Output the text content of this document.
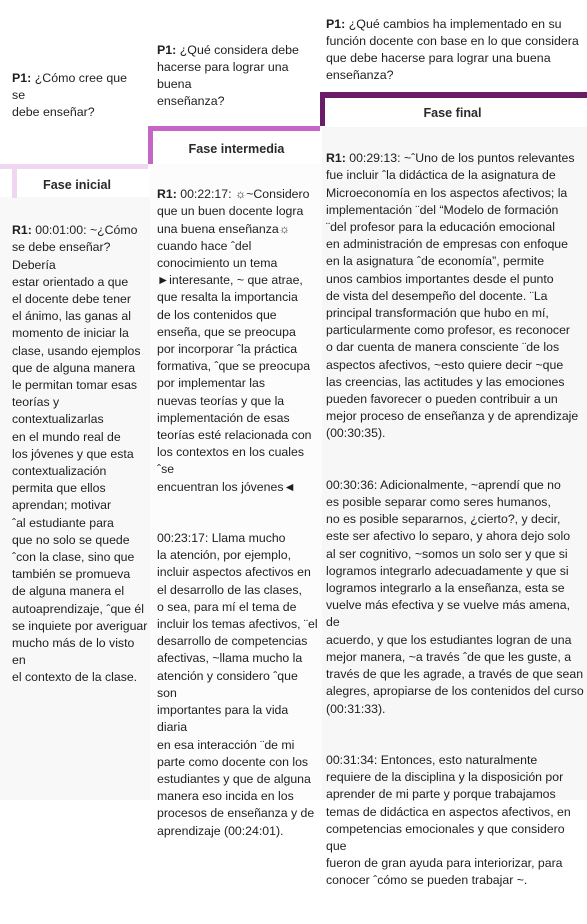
P1: ¿Cómo cree que se
debe enseñar?
P1: ¿Qué considera debe
hacerse para lograr una buena
enseñanza?
P1: ¿Qué cambios ha implementado en su
función docente con base en lo que considera
que debe hacerse para lograr una buena
enseñanza?
Fase inicial
Fase intermedia
Fase final

R1: 00:01:00: ~¿Cómo
se debe enseñar? Debería
estar orientado a que
el docente debe tener
el ánimo, las ganas al
momento de iniciar la
clase, usando ejemplos
que de alguna manera
le permitan tomar esas
teorías y contextualizarlas
en el mundo real de
los jóvenes y que esta
contextualización
permita que ellos
aprendan; motivar
ˆal estudiante para
que no solo se quede
ˆcon la clase, sino que
también se promueva
de alguna manera el
autoaprendizaje, ˆque él
se inquiete por averiguar
mucho más de lo visto en
el contexto de la clase.

R1: 00:22:17: ☼~Considero
que un buen docente logra
una buena enseñanza☼
cuando hace ˆdel
conocimiento un tema
►interesante, ~ que atrae,
que resalta la importancia
de los contenidos que
enseña, que se preocupa
por incorporar ˆla práctica
formativa, ˆque se preocupa
por implementar las
nuevas teorías y que la
implementación de esas
teorías esté relacionada con
los contextos en los cuales ˆse
encuentran los jóvenes◄

00:23:17: Llama mucho
la atención, por ejemplo,
incluir aspectos afectivos en
el desarrollo de las clases,
o sea, para mí el tema de
incluir los temas afectivos, ¨el
desarrollo de competencias
afectivas, ~llama mucho la
atención y considero ˆque son
importantes para la vida diaria
en esa interacción ¨de mi
parte como docente con los
estudiantes y que de alguna
manera eso incida en los
procesos de enseñanza y de
aprendizaje (00:24:01).

R1: 00:29:13: ~ˆUno de los puntos relevantes
fue incluir ˆla didáctica de la asignatura de
Microeconomía en los aspectos afectivos; la
implementación ¨del “Modelo de formación
¨del profesor para la educación emocional
en administración de empresas con enfoque
en la asignatura ˆde economía”, permite
unos cambios importantes desde el punto
de vista del desempeño del docente. ¨La
principal transformación que hubo en mí,
particularmente como profesor, es reconocer
o dar cuenta de manera consciente ¨de los
aspectos afectivos, ~esto quiere decir ~que
las creencias, las actitudes y las emociones
pueden favorecer o pueden contribuir a un
mejor proceso de enseñanza y de aprendizaje
(00:30:35).

00:30:36: Adicionalmente, ~aprendí que no
es posible separar como seres humanos,
no es posible separarnos, ¿cierto?, y decir,
este ser afectivo lo separo, y ahora dejo solo
al ser cognitivo, ~somos un solo ser y que si
logramos integrarlo adecuadamente y que si
logramos integrarlo a la enseñanza, esta se
vuelve más efectiva y se vuelve más amena, de
acuerdo, y que los estudiantes logran de una
mejor manera, ~a través ˆde que les guste, a
través de que les agrade, a través de que sean
alegres, apropiarse de los contenidos del curso
(00:31:33).

00:31:34: Entonces, esto naturalmente
requiere de la disciplina y la disposición por
aprender de mi parte y porque trabajamos
temas de didáctica en aspectos afectivos, en
competencias emocionales y que considero que
fueron de gran ayuda para interiorizar, para
conocer ˆcómo se pueden trabajar ~.
